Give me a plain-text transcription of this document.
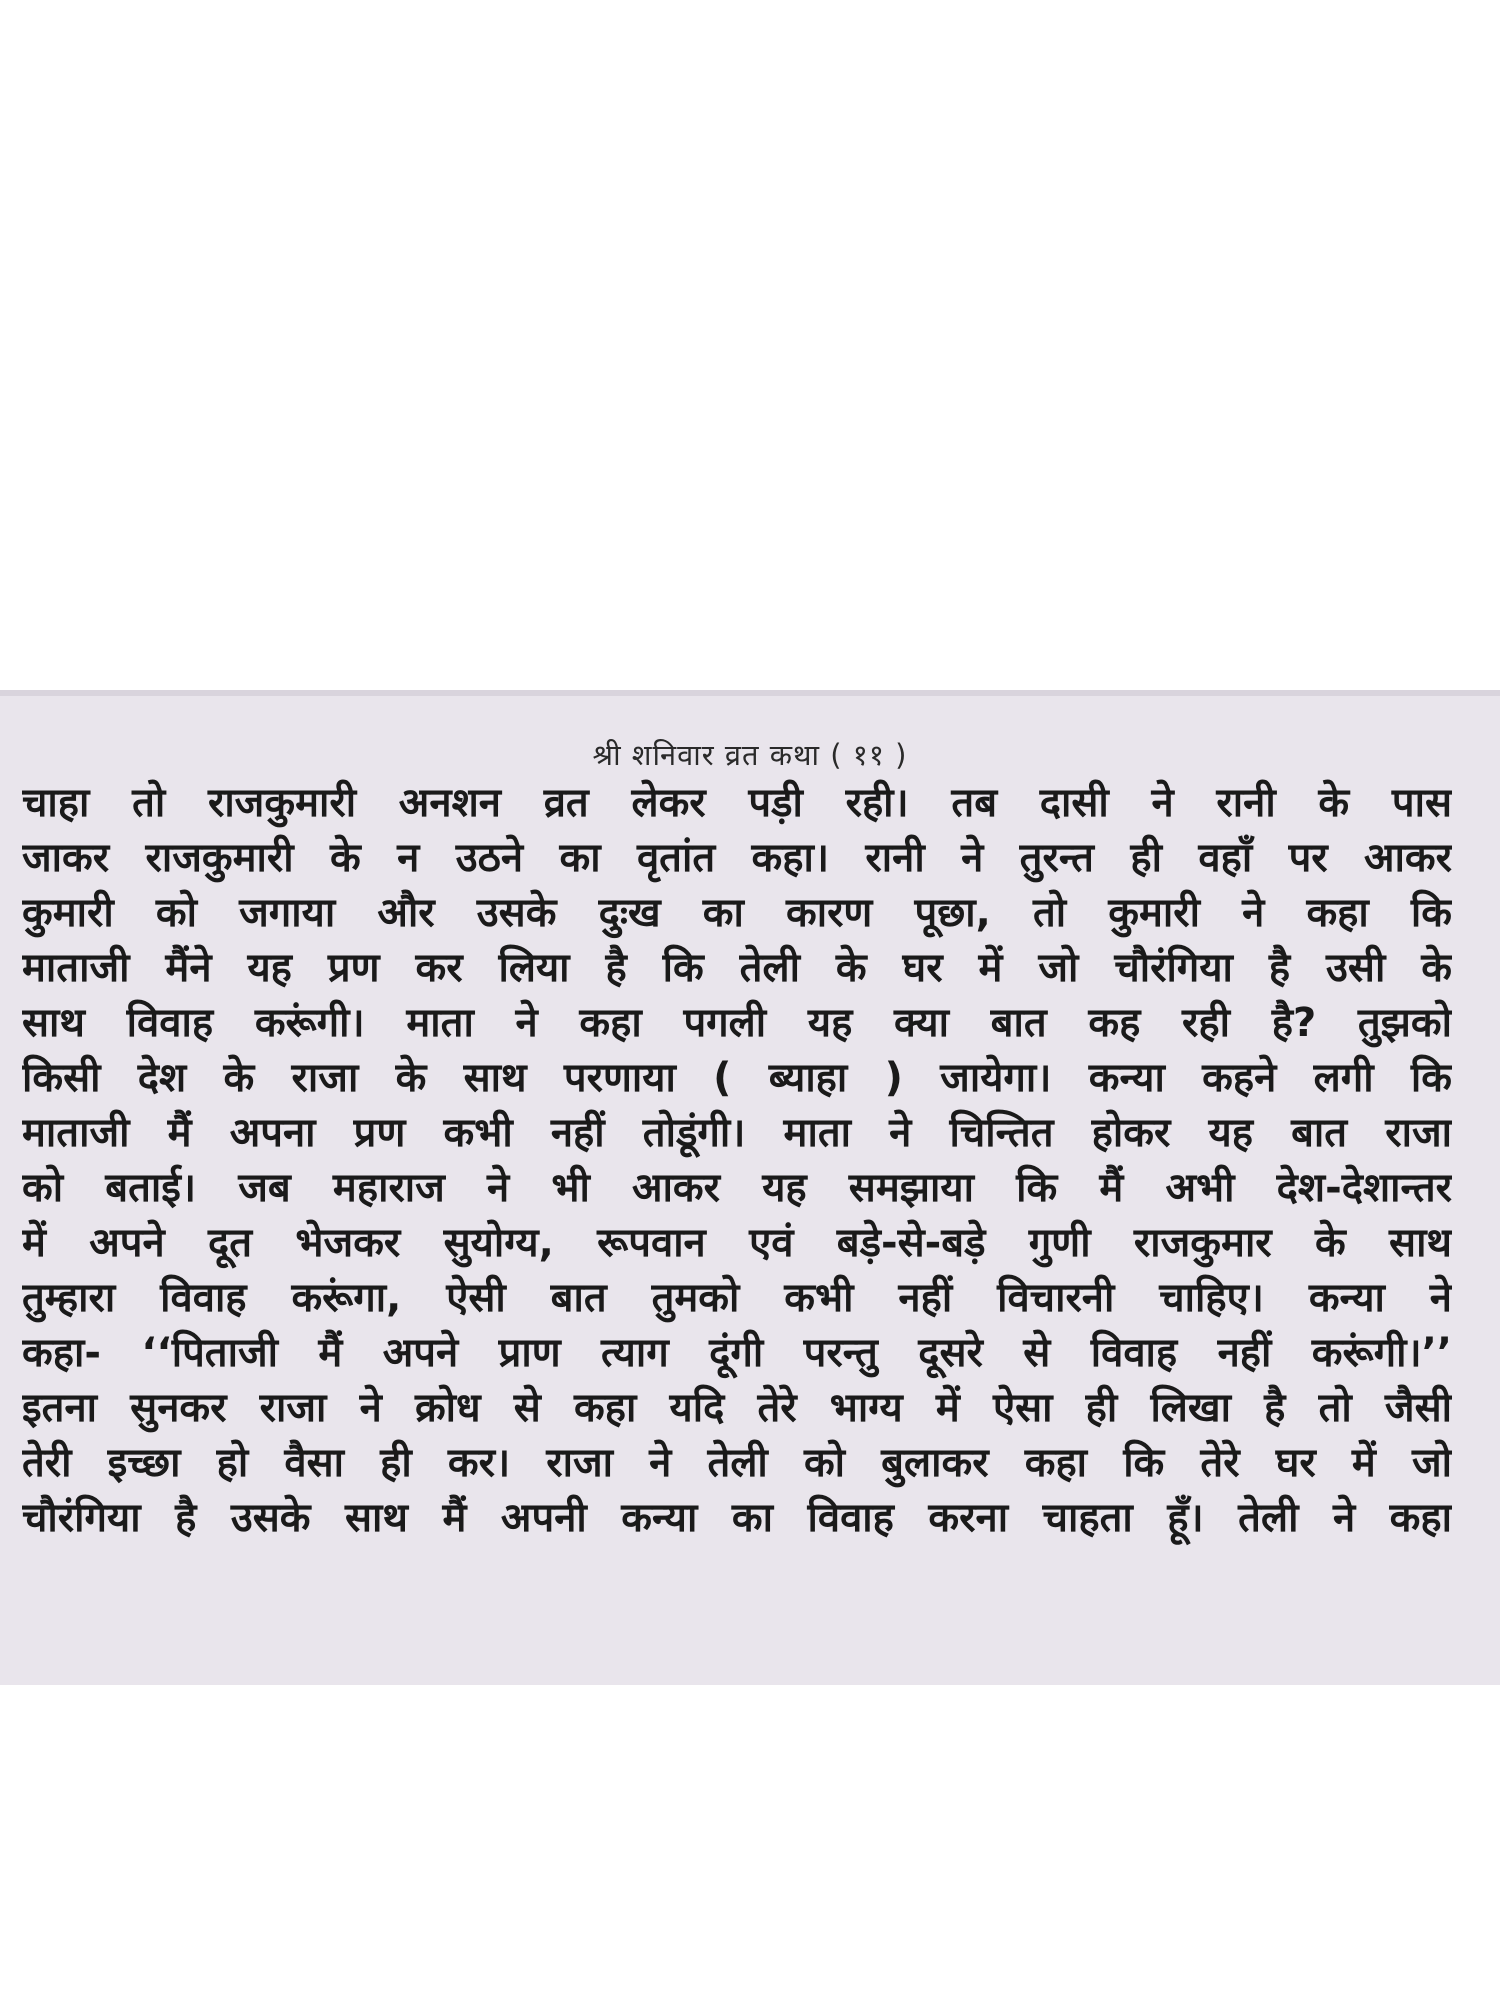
श्री शनिवार व्रत कथा ( ११ )
चाहा तो राजकुमारी अनशन व्रत लेकर पड़ी रही। तब दासी ने रानी के पास
जाकर राजकुमारी के न उठने का वृतांत कहा। रानी ने तुरन्त ही वहाँ पर आकर
कुमारी को जगाया और उसके दुःख का कारण पूछा, तो कुमारी ने कहा कि
माताजी मैंने यह प्रण कर लिया है कि तेली के घर में जो चौरंगिया है उसी के
साथ विवाह करूंगी। माता ने कहा पगली यह क्या बात कह रही है? तुझको
किसी देश के राजा के साथ परणाया ( ब्याहा ) जायेगा। कन्या कहने लगी कि
माताजी मैं अपना प्रण कभी नहीं तोडूंगी। माता ने चिन्तित होकर यह बात राजा
को बताई। जब महाराज ने भी आकर यह समझाया कि मैं अभी देश-देशान्तर
में अपने दूत भेजकर सुयोग्य, रूपवान एवं बड़े-से-बड़े गुणी राजकुमार के साथ
तुम्हारा विवाह करूंगा, ऐसी बात तुमको कभी नहीं विचारनी चाहिए। कन्या ने
कहा- ‘‘पिताजी मैं अपने प्राण त्याग दूंगी परन्तु दूसरे से विवाह नहीं करूंगी।’’
इतना सुनकर राजा ने क्रोध से कहा यदि तेरे भाग्य में ऐसा ही लिखा है तो जैसी
तेरी इच्छा हो वैसा ही कर। राजा ने तेली को बुलाकर कहा कि तेरे घर में जो
चौरंगिया है उसके साथ मैं अपनी कन्या का विवाह करना चाहता हूँ। तेली ने कहा
